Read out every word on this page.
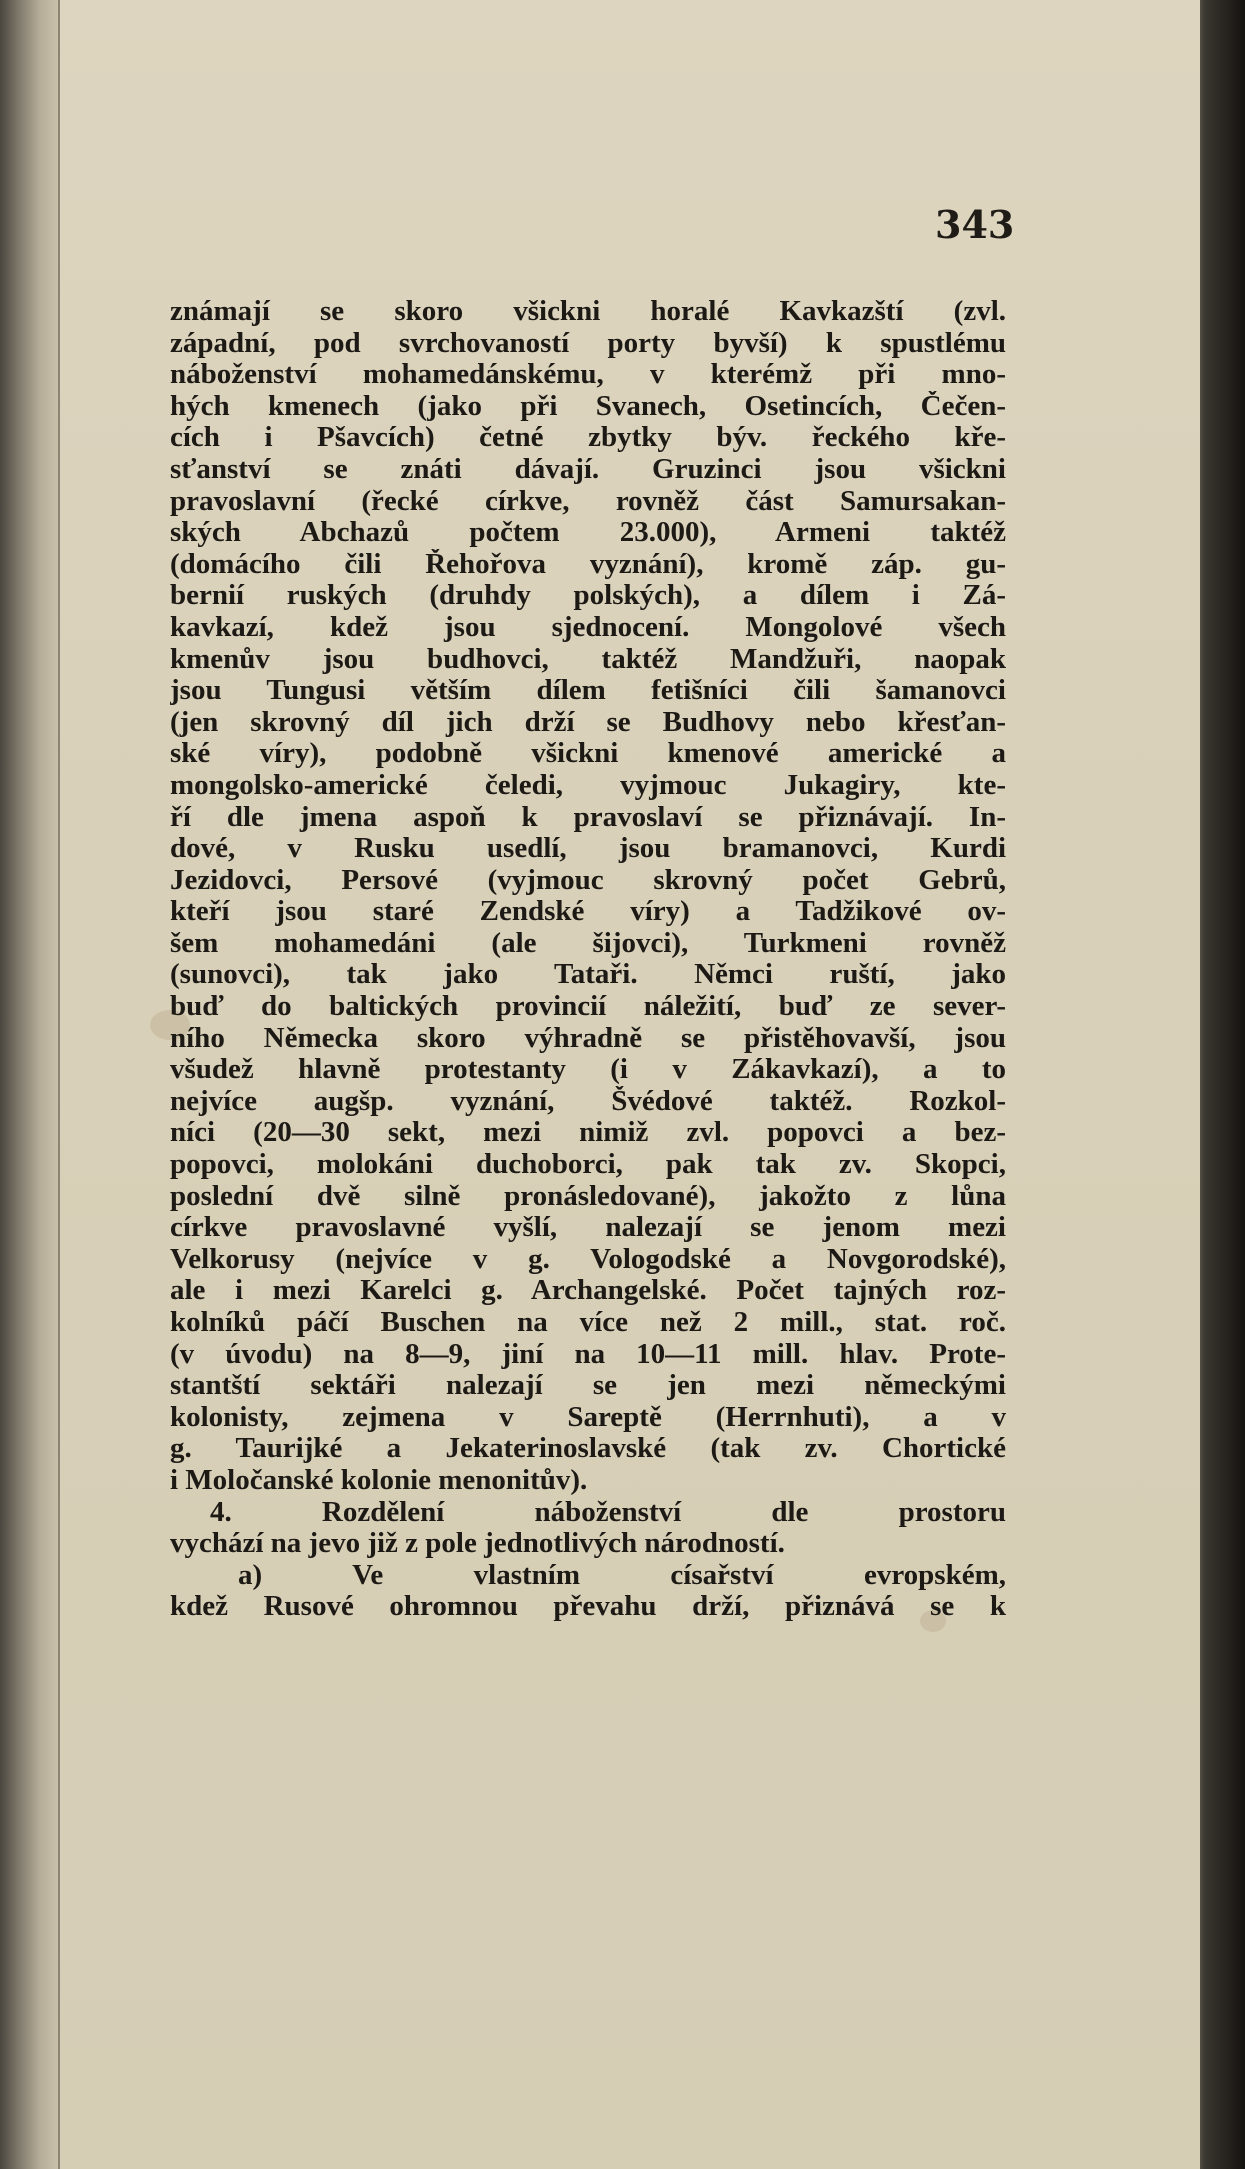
343
známají se skoro všickni horalé Kavkazští (zvl.
západní, pod svrchovaností porty byvší) k spustlému
náboženství mohamedánskému, v kterémž při mno-
hých kmenech (jako při Svanech, Osetincích, Čečen-
cích i Pšavcích) četné zbytky býv. řeckého kře-
sťanství se znáti dávají. Gruzinci jsou všickni
pravoslavní (řecké církve, rovněž část Samursakan-
ských Abchazů počtem 23.000), Armeni taktéž
(domácího čili Řehořova vyznání), kromě záp. gu-
bernií ruských (druhdy polských), a dílem i Zá-
kavkazí, kdež jsou sjednocení. Mongolové všech
kmenův jsou budhovci, taktéž Mandžuři, naopak
jsou Tungusi větším dílem fetišníci čili šamanovci
(jen skrovný díl jich drží se Budhovy nebo křesťan-
ské víry), podobně všickni kmenové americké a
mongolsko-americké čeledi, vyjmouc Jukagiry, kte-
ří dle jmena aspoň k pravoslaví se přiznávají. In-
dové, v Rusku usedlí, jsou bramanovci, Kurdi
Jezidovci, Persové (vyjmouc skrovný počet Gebrů,
kteří jsou staré Zendské víry) a Tadžikové ov-
šem mohamedáni (ale šijovci), Turkmeni rovněž
(sunovci), tak jako Tataři. Němci ruští, jako
buď do baltických provincií náležití, buď ze sever-
ního Německa skoro výhradně se přistěhovavší, jsou
všudež hlavně protestanty (i v Zákavkazí), a to
nejvíce augšp. vyznání, Švédové taktéž. Rozkol-
níci (20—30 sekt, mezi nimiž zvl. popovci a bez-
popovci, molokáni duchoborci, pak tak zv. Skopci,
poslední dvě silně pronásledované), jakožto z lůna
církve pravoslavné vyšlí, nalezají se jenom mezi
Velkorusy (nejvíce v g. Vologodské a Novgorodské),
ale i mezi Karelci g. Archangelské. Počet tajných roz-
kolníků páčí Buschen na více než 2 mill., stat. roč.
(v úvodu) na 8—9, jiní na 10—11 mill. hlav. Prote-
stantští sektáři nalezají se jen mezi německými
kolonisty, zejmena v Sareptě (Herrnhuti), a v
g. Taurijké a Jekaterinoslavské (tak zv. Chortické
i Moločanské kolonie menonitův).
4. Rozdělení náboženství dle prostoru
vychází na jevo již z pole jednotlivých národností.
a) Ve vlastním císařství evropském,
kdež Rusové ohromnou převahu drží, přiznává se k
